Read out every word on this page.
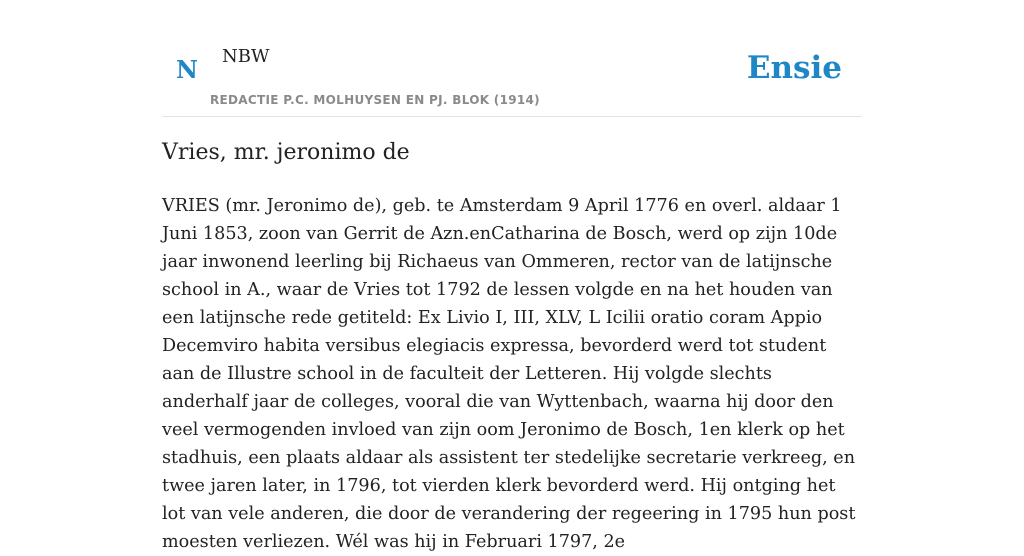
N NBW
REDACTIE P.C. MOLHUYSEN EN PJ. BLOK (1914)
Ensie
Vries, mr. jeronimo de

VRIES (mr. Jeronimo de), geb. te Amsterdam 9 April 1776 en overl. aldaar 1 Juni 1853, zoon van Gerrit de Azn.enCatharina de Bosch, werd op zijn 10de jaar inwonend leerling bij Richaeus van Ommeren, rector van de latijnsche school in A., waar de Vries tot 1792 de lessen volgde en na het houden van een latijnsche rede getiteld: Ex Livio I, III, XLV, L Icilii oratio coram Appio Decemviro habita versibus elegiacis expressa, bevorderd werd tot student aan de Illustre school in de faculteit der Letteren. Hij volgde slechts anderhalf jaar de colleges, vooral die van Wyttenbach, waarna hij door den veel vermogenden invloed van zijn oom Jeronimo de Bosch, 1en klerk op het stadhuis, een plaats aldaar als assistent ter stedelijke secretarie verkreeg, en twee jaren later, in 1796, tot vierden klerk bevorderd werd. Hij ontging het lot van vele anderen, die door de verandering der regeering in 1795 hun post moesten verliezen. Wél was hij in Februari 1797, 2e
